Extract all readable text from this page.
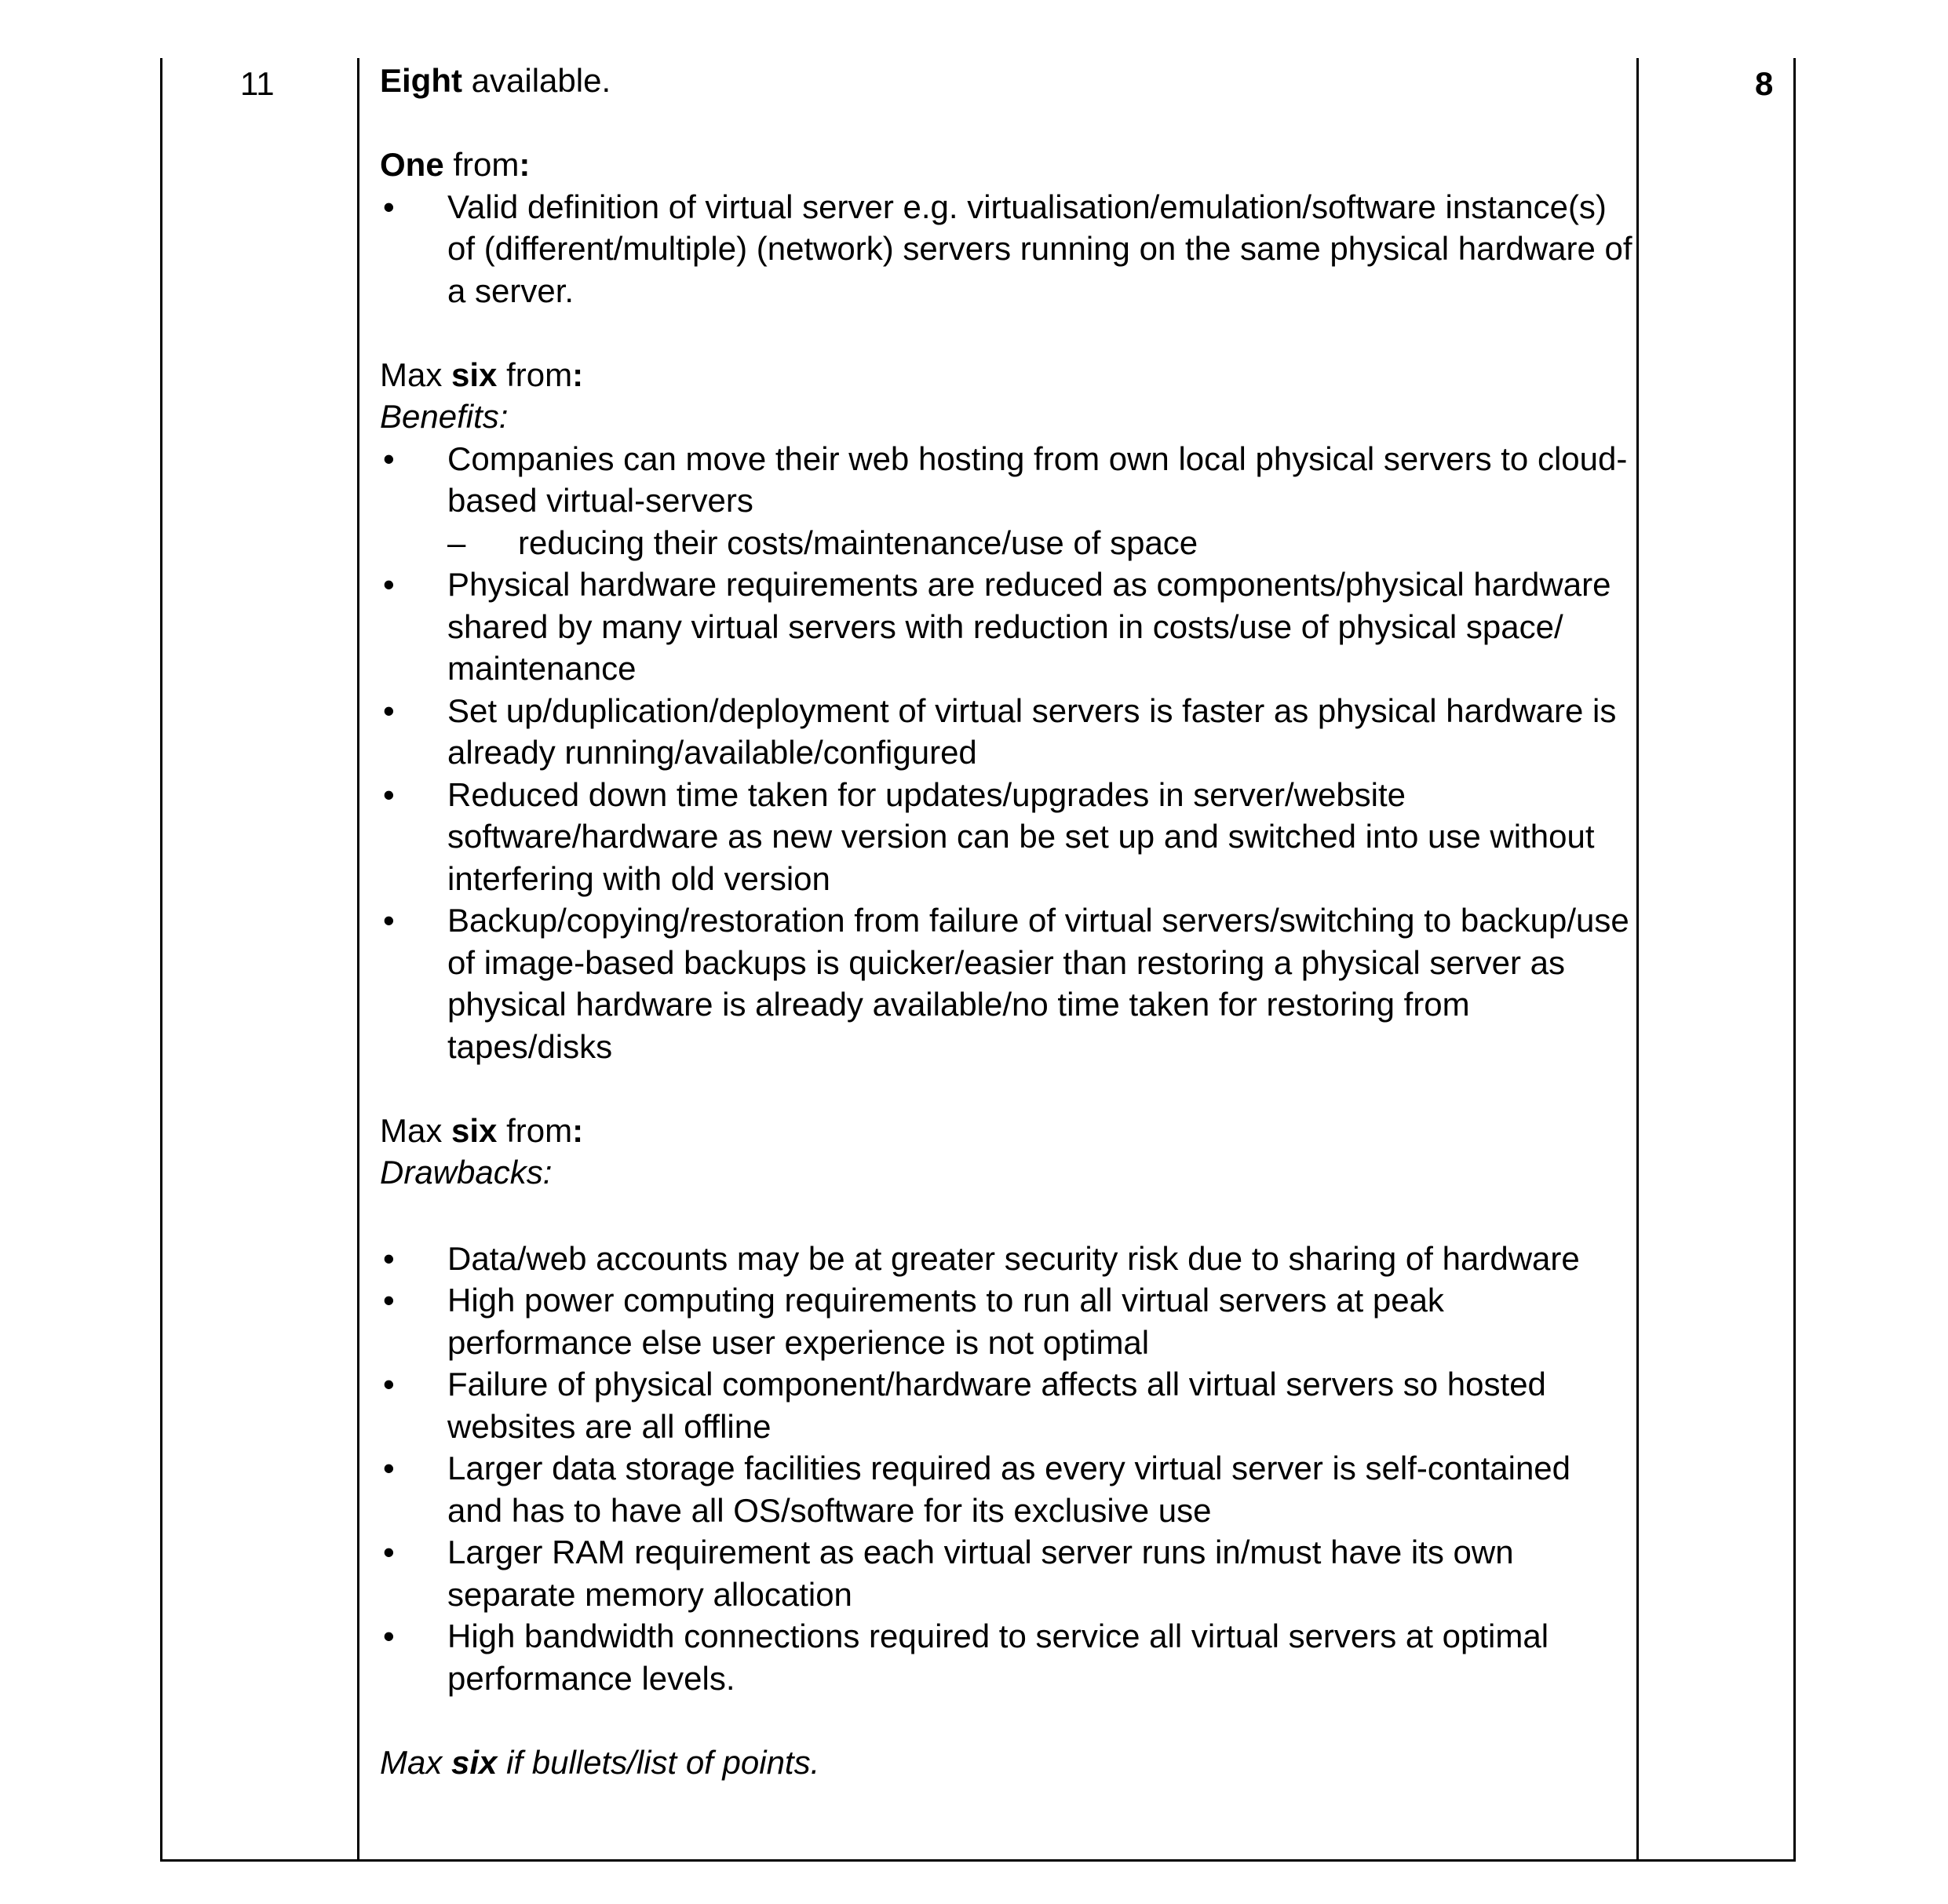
11	8

Eight available.

One from:

• Valid definition of virtual server e.g. virtualisation/emulation/software instance(s) of (different/multiple) (network) servers running on the same physical hardware of a server.

Max six from:

Benefits:

• Companies can move their web hosting from own local physical servers to cloud-based virtual-servers
– reducing their costs/maintenance/use of space
• Physical hardware requirements are reduced as components/physical hardware shared by many virtual servers with reduction in costs/use of physical space/ maintenance
• Set up/duplication/deployment of virtual servers is faster as physical hardware is already running/available/configured
• Reduced down time taken for updates/upgrades in server/website software/hardware as new version can be set up and switched into use without interfering with old version
• Backup/copying/restoration from failure of virtual servers/switching to backup/use of image-based backups is quicker/easier than restoring a physical server as physical hardware is already available/no time taken for restoring from tapes/disks

Max six from:

Drawbacks:

• Data/web accounts may be at greater security risk due to sharing of hardware
• High power computing requirements to run all virtual servers at peak performance else user experience is not optimal
• Failure of physical component/hardware affects all virtual servers so hosted websites are all offline
• Larger data storage facilities required as every virtual server is self-contained and has to have all OS/software for its exclusive use
• Larger RAM requirement as each virtual server runs in/must have its own separate memory allocation
• High bandwidth connections required to service all virtual servers at optimal performance levels.

Max six if bullets/list of points.
